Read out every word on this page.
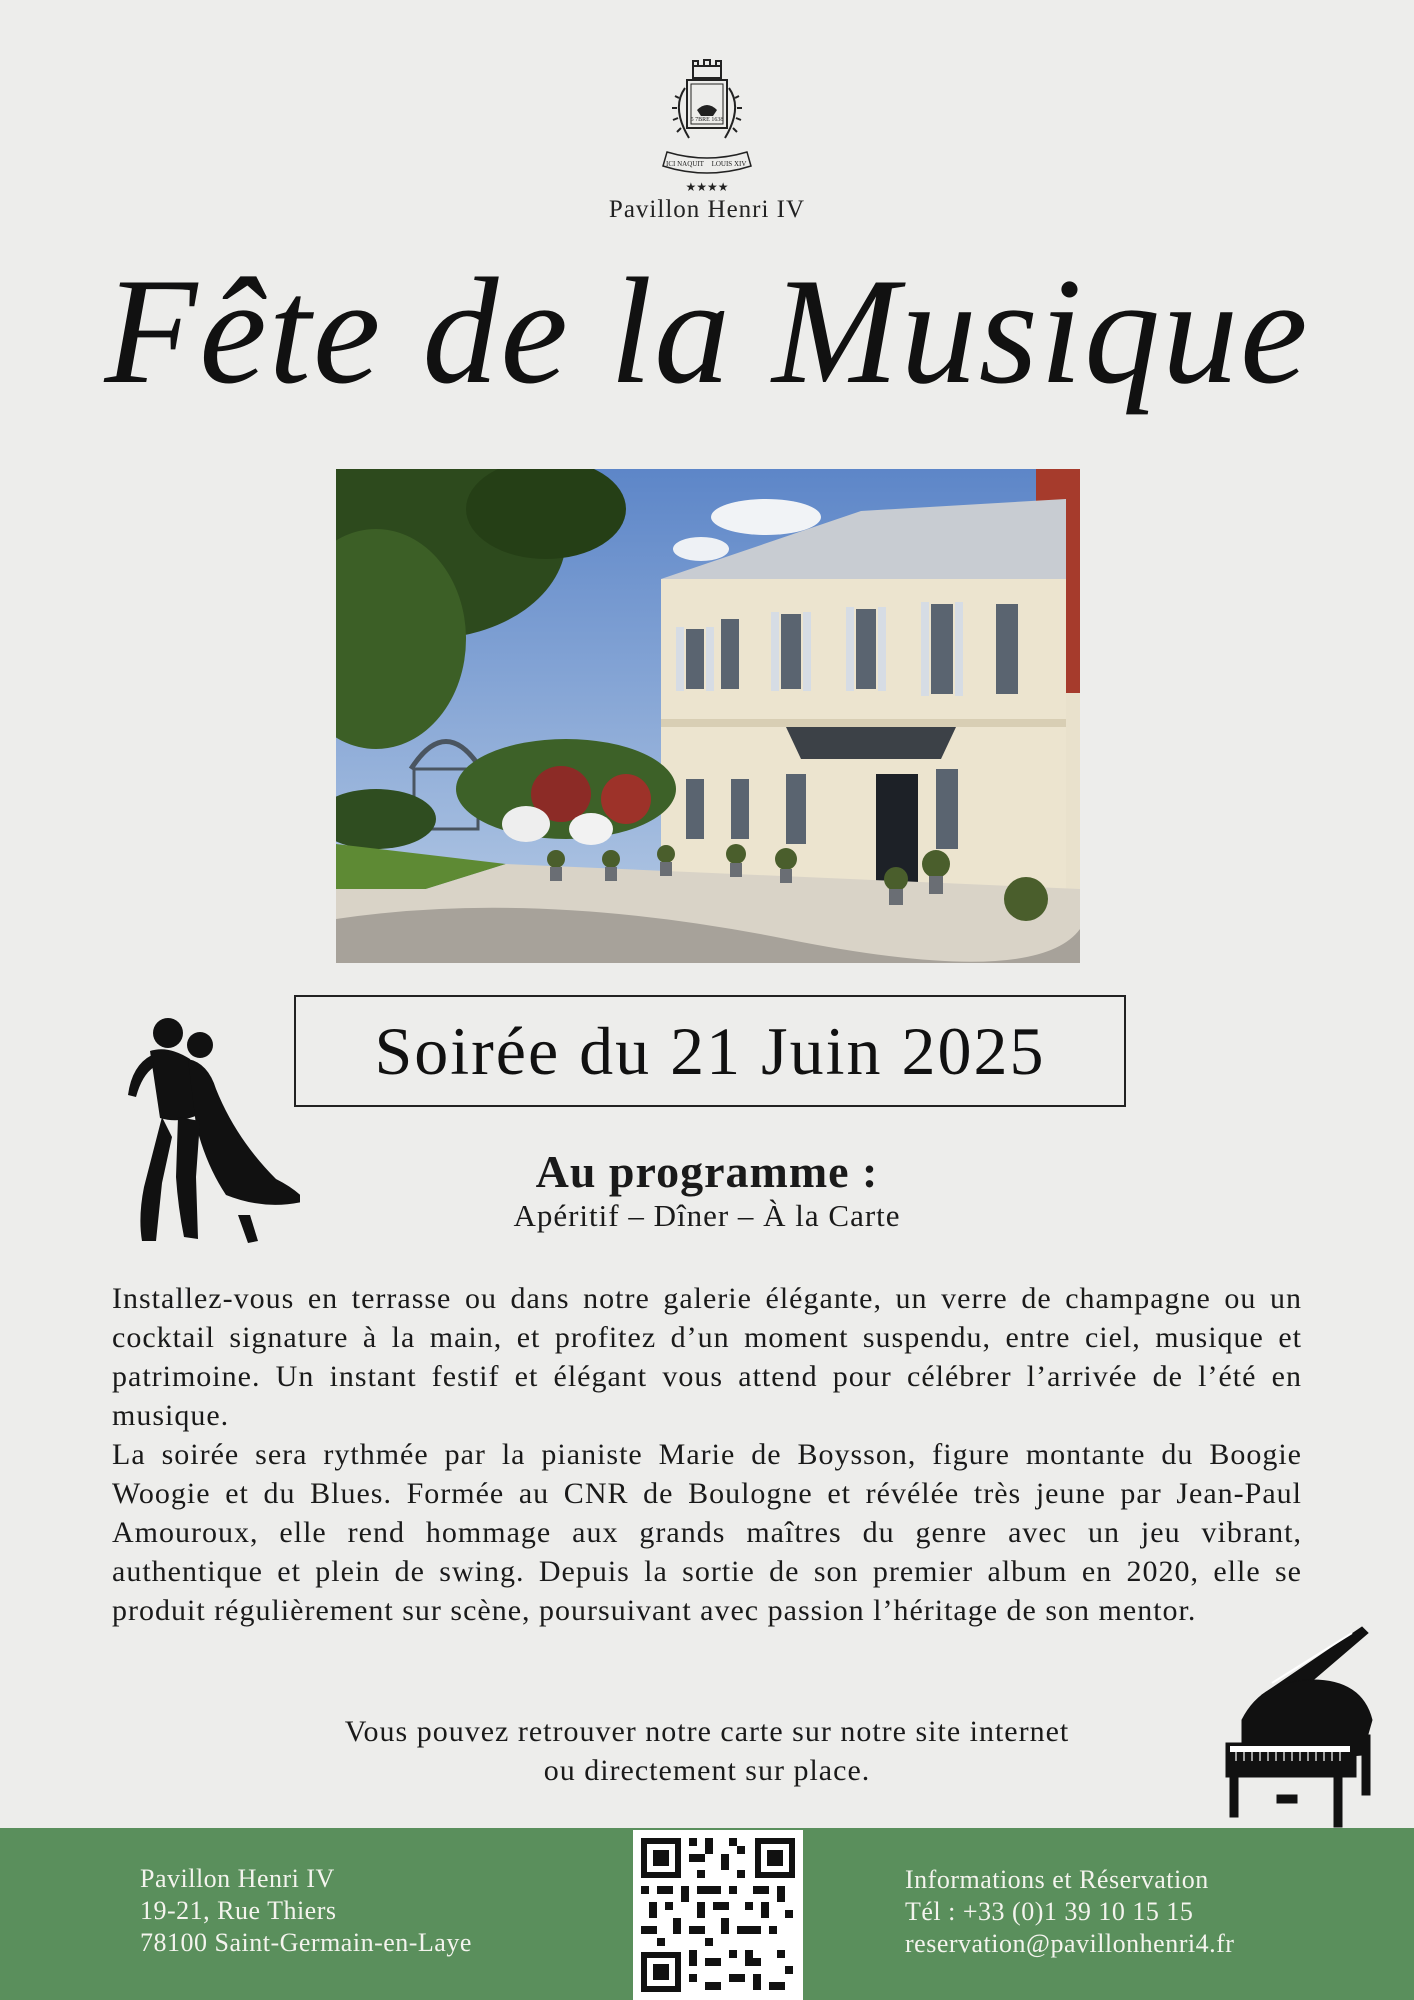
5 7BRE 1638
ICI NAQUIT LOUIS XIV
★★★★
Pavillon Henri IV
Fête de la Musique
Soirée du 21 Juin 2025
Au programme :
Apéritif – Dîner – À la Carte
Installez-vous en terrasse ou dans notre galerie élégante, un verre de champagne ou un cocktail signature à la main, et profitez d’un moment suspendu, entre ciel, musique et patrimoine. Un instant festif et élégant vous attend pour célébrer l’arrivée de l’été en musique.
La soirée sera rythmée par la pianiste Marie de Boysson, figure montante du Boogie Woogie et du Blues. Formée au CNR de Boulogne et révélée très jeune par Jean-Paul Amouroux, elle rend hommage aux grands maîtres du genre avec un jeu vibrant, authentique et plein de swing. Depuis la sortie de son premier album en 2020, elle se produit régulièrement sur scène, poursuivant avec passion l’héritage de son mentor.
Vous pouvez retrouver notre carte sur notre site internet
ou directement sur place.
Pavillon Henri IV
19-21, Rue Thiers
78100 Saint-Germain-en-Laye
Informations et Réservation
Tél : +33 (0)1 39 10 15 15
reservation@pavillonhenri4.fr
